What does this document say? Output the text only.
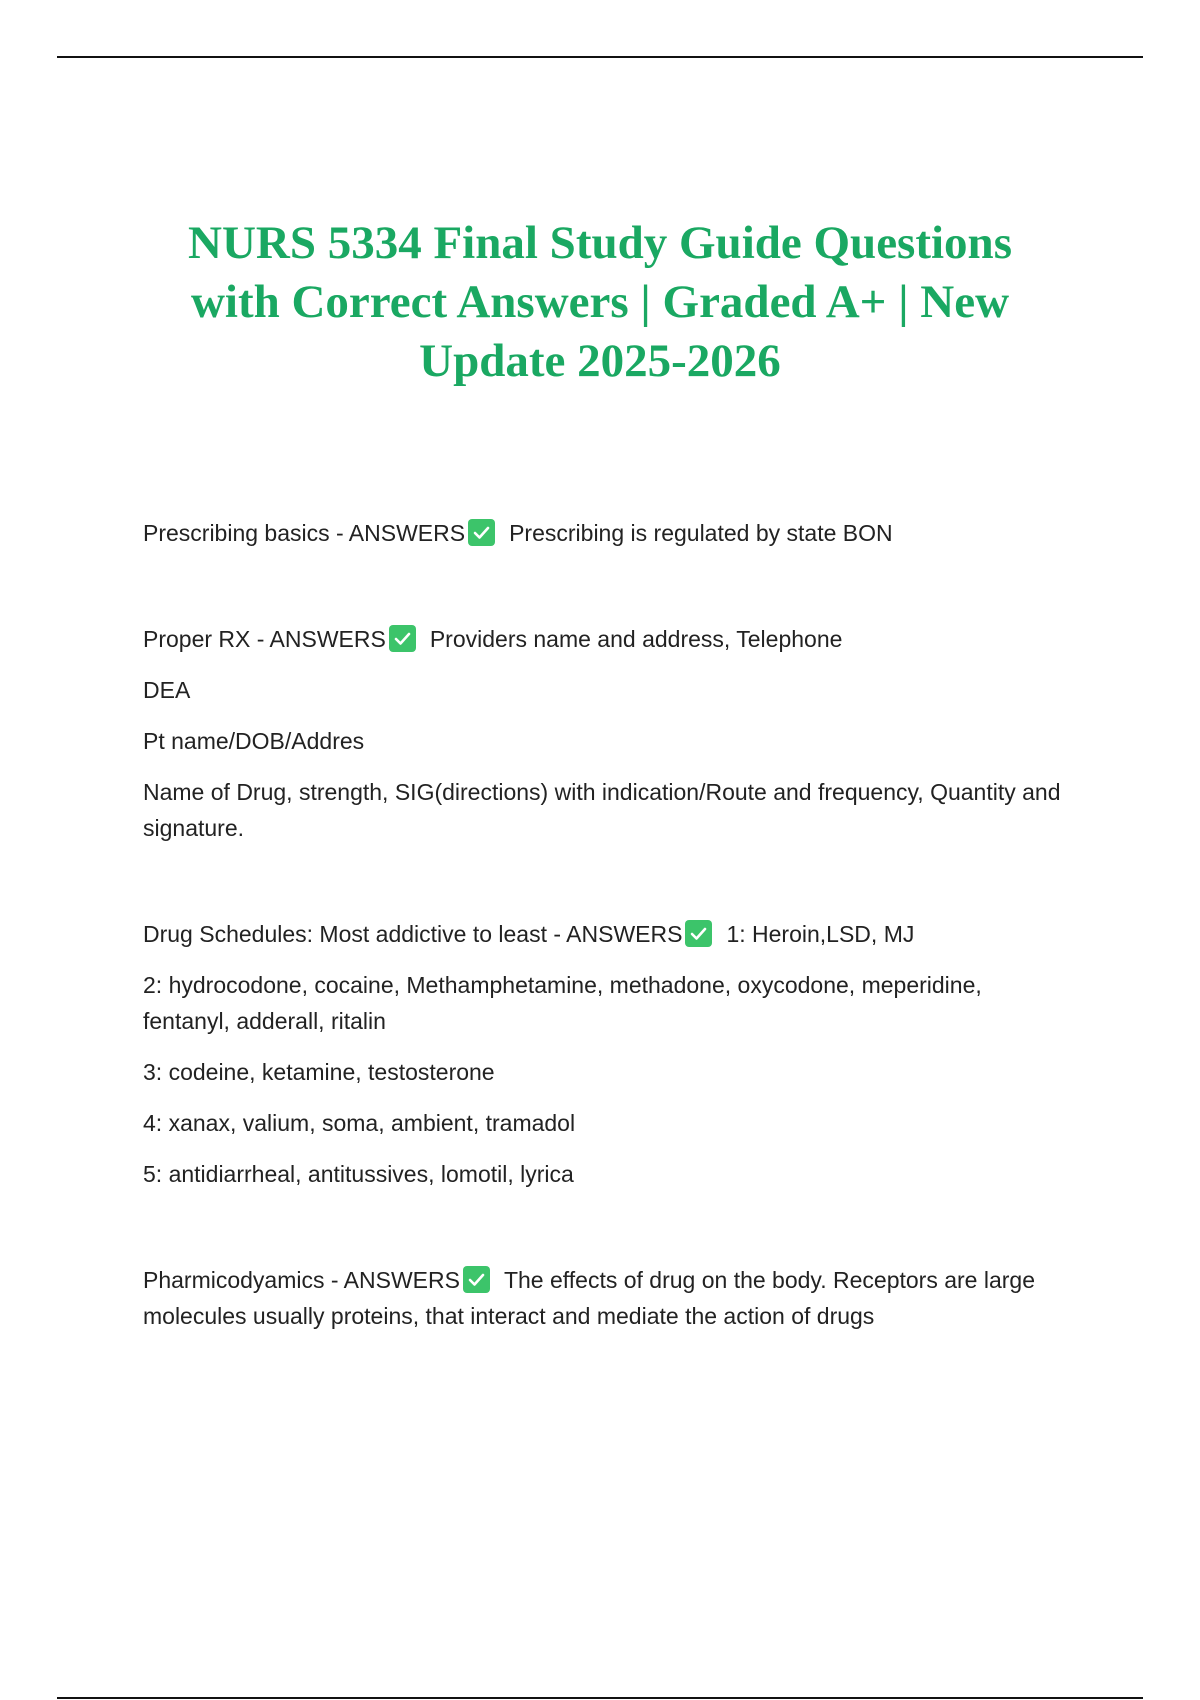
NURS 5334 Final Study Guide Questions with Correct Answers | Graded A+ | New Update 2025-2026

Prescribing basics - ANSWERS Prescribing is regulated by state BON

Proper RX - ANSWERS Providers name and address, Telephone

DEA

Pt name/DOB/Addres

Name of Drug, strength, SIG(directions) with indication/Route and frequency, Quantity and signature.

Drug Schedules: Most addictive to least - ANSWERS 1: Heroin,LSD, MJ

2: hydrocodone, cocaine, Methamphetamine, methadone, oxycodone, meperidine, fentanyl, adderall, ritalin

3: codeine, ketamine, testosterone

4: xanax, valium, soma, ambient, tramadol

5: antidiarrheal, antitussives, lomotil, lyrica

Pharmicodyamics - ANSWERS The effects of drug on the body. Receptors are large molecules usually proteins, that interact and mediate the action of drugs
